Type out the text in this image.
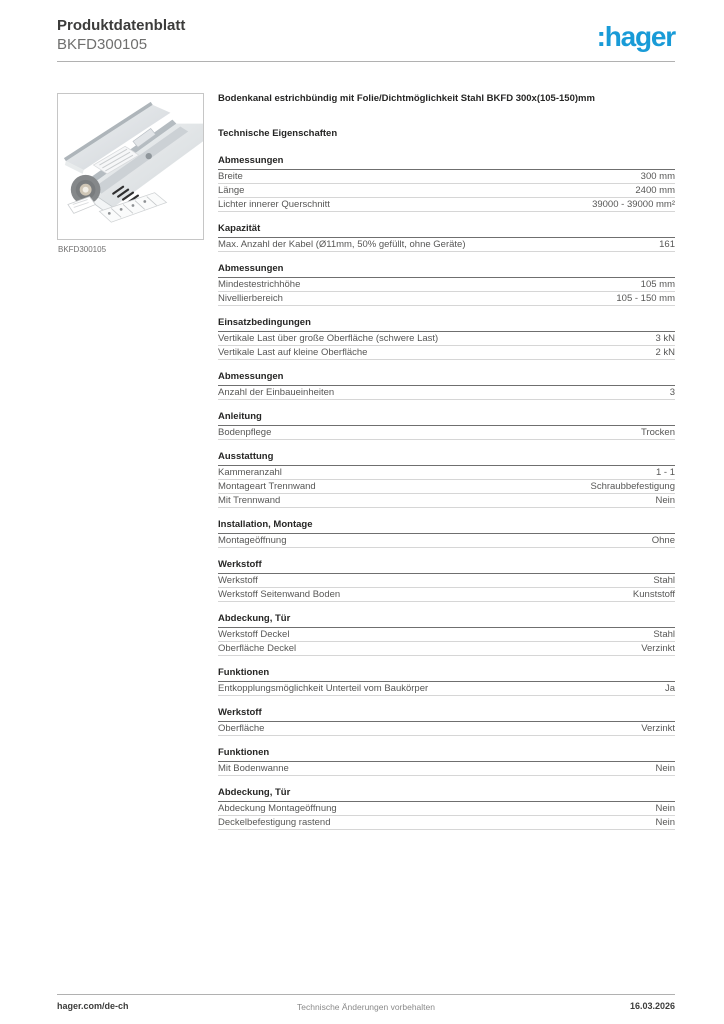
Produktdatenblatt
BKFD300105	:hager
BKFD300105
Bodenkanal estrichbündig mit Folie/Dichtmöglichkeit Stahl BKFD 300x(105-150)mm
Technische Eigenschaften
Abmessungen
Breite	300 mm
Länge	2400 mm
Lichter innerer Querschnitt	39000 - 39000 mm²
Kapazität
Max. Anzahl der Kabel (Ø11mm, 50% gefüllt, ohne Geräte)	161
Abmessungen
Mindestestrichhöhe	105 mm
Nivellierbereich	105 - 150 mm
Einsatzbedingungen
Vertikale Last über große Oberfläche (schwere Last)	3 kN
Vertikale Last auf kleine Oberfläche	2 kN
Abmessungen
Anzahl der Einbaueinheiten	3
Anleitung
Bodenpflege	Trocken
Ausstattung
Kammeranzahl	1 - 1
Montageart Trennwand	Schraubbefestigung
Mit Trennwand	Nein
Installation, Montage
Montageöffnung	Ohne
Werkstoff
Werkstoff	Stahl
Werkstoff Seitenwand Boden	Kunststoff
Abdeckung, Tür
Werkstoff Deckel	Stahl
Oberfläche Deckel	Verzinkt
Funktionen
Entkopplungsmöglichkeit Unterteil vom Baukörper	Ja
Werkstoff
Oberfläche	Verzinkt
Funktionen
Mit Bodenwanne	Nein
Abdeckung, Tür
Abdeckung Montageöffnung	Nein
Deckelbefestigung rastend	Nein
hager.com/de-ch	Technische Änderungen vorbehalten	16.03.2026
